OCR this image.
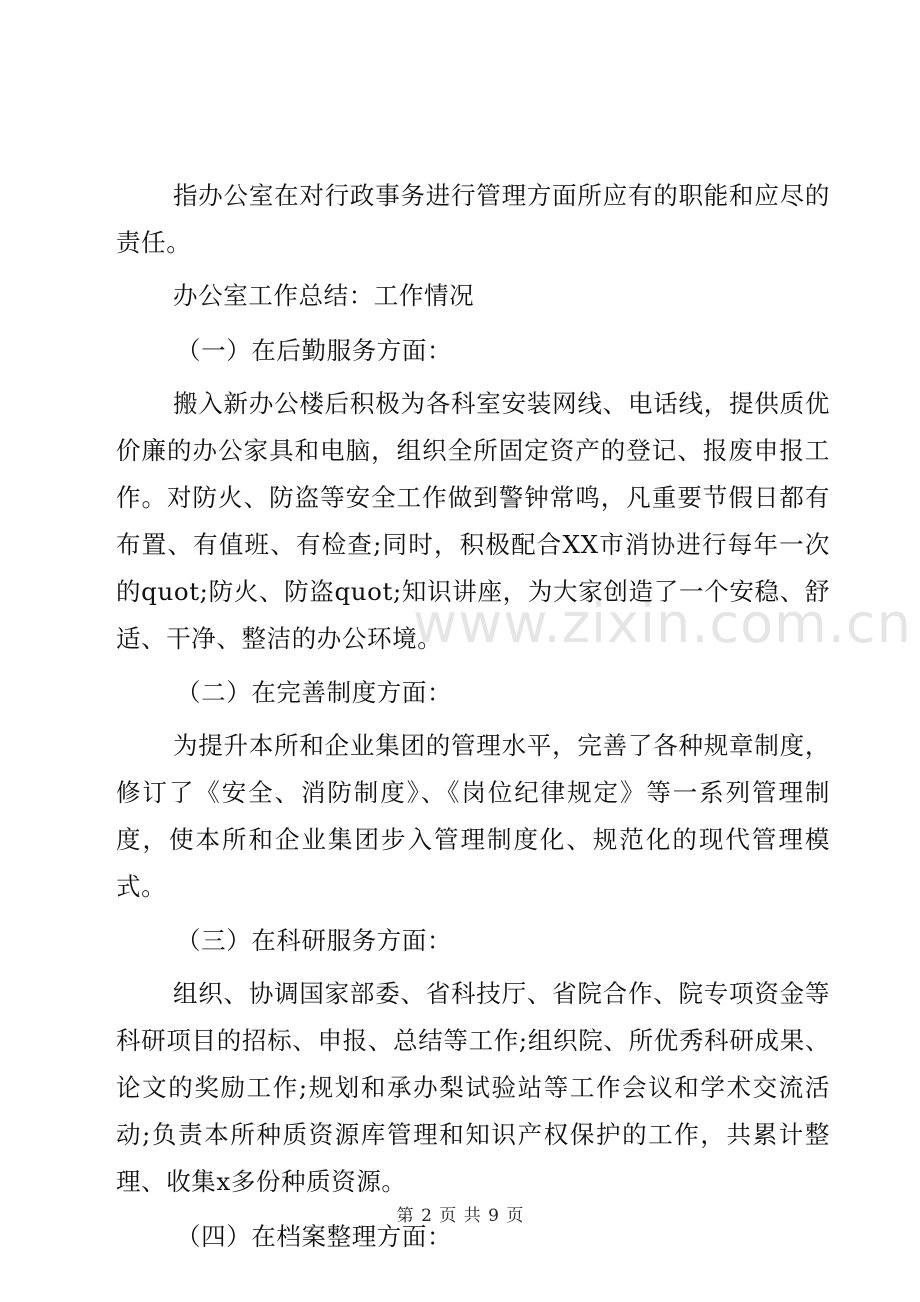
指办公室在对行政事务进行管理方面所应有的职能和应尽的责任。

办公室工作总结：工作情况

（一）在后勤服务方面：

搬入新办公楼后积极为各科室安装网线、电话线，提供质优价廉的办公家具和电脑，组织全所固定资产的登记、报废申报工作。对防火、防盗等安全工作做到警钟常鸣，凡重要节假日都有布置、有值班、有检查;同时，积极配合XX市消协进行每年一次的quot;防火、防盗quot;知识讲座，为大家创造了一个安稳、舒适、干净、整洁的办公环境。

（二）在完善制度方面：

为提升本所和企业集团的管理水平，完善了各种规章制度，修订了《安全、消防制度》、《岗位纪律规定》等一系列管理制度，使本所和企业集团步入管理制度化、规范化的现代管理模式。

（三）在科研服务方面：

组织、协调国家部委、省科技厅、省院合作、院专项资金等科研项目的招标、申报、总结等工作;组织院、所优秀科研成果、论文的奖励工作;规划和承办梨试验站等工作会议和学术交流活动;负责本所种质资源库管理和知识产权保护的工作，共累计整理、收集x多份种质资源。

（四）在档案整理方面：

www.zixin.com.cn
第 2 页 共 9 页
